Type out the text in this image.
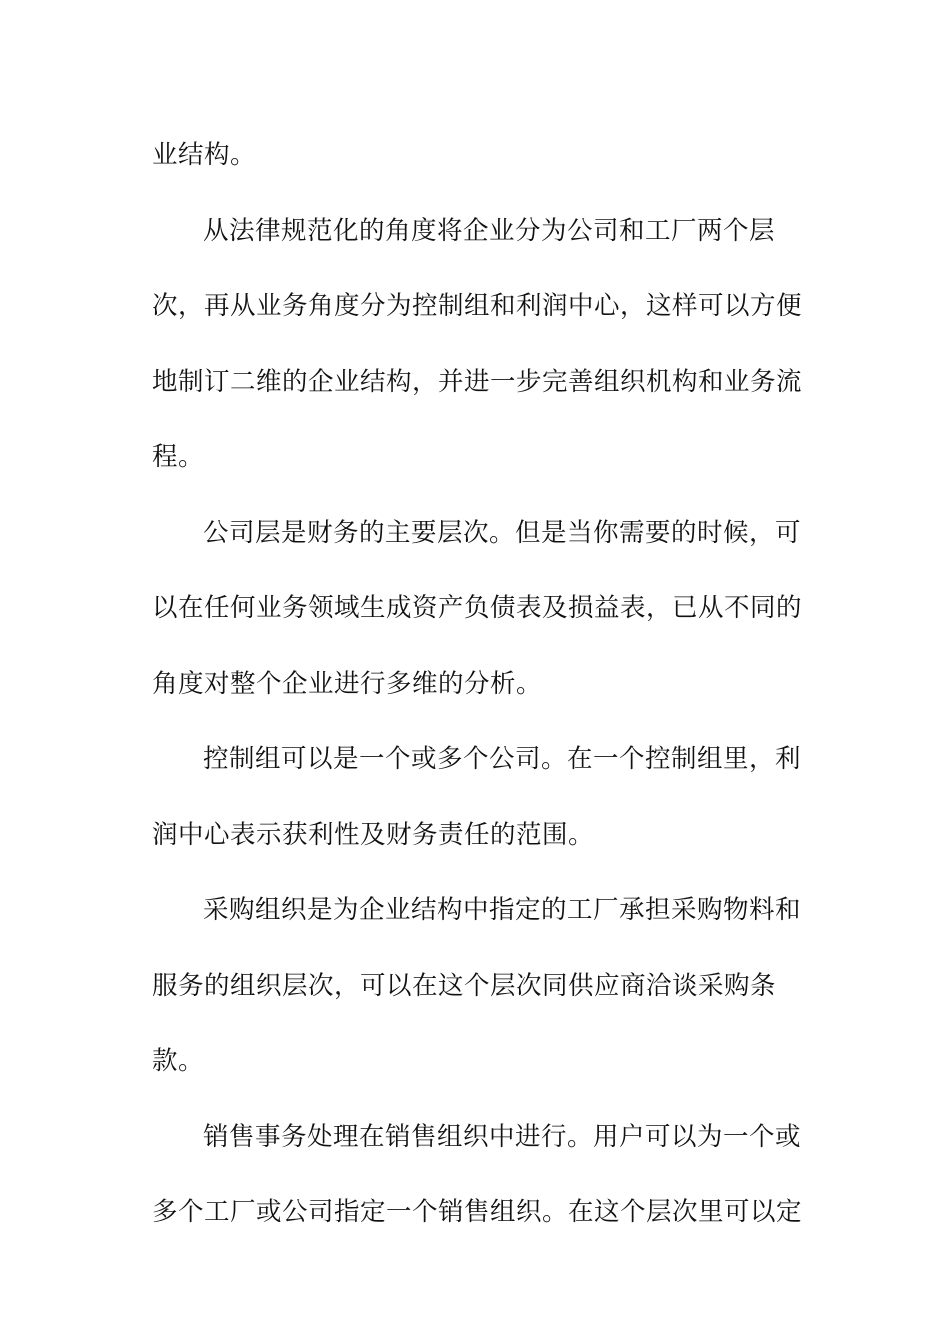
业结构。
从法律规范化的角度将企业分为公司和工厂两个层
次，再从业务角度分为控制组和利润中心，这样可以方便
地制订二维的企业结构，并进一步完善组织机构和业务流
程。
公司层是财务的主要层次。但是当你需要的时候，可
以在任何业务领域生成资产负债表及损益表，已从不同的
角度对整个企业进行多维的分析。
控制组可以是一个或多个公司。在一个控制组里，利
润中心表示获利性及财务责任的范围。
采购组织是为企业结构中指定的工厂承担采购物料和
服务的组织层次，可以在这个层次同供应商洽谈采购条
款。
销售事务处理在销售组织中进行。用户可以为一个或
多个工厂或公司指定一个销售组织。在这个层次里可以定
